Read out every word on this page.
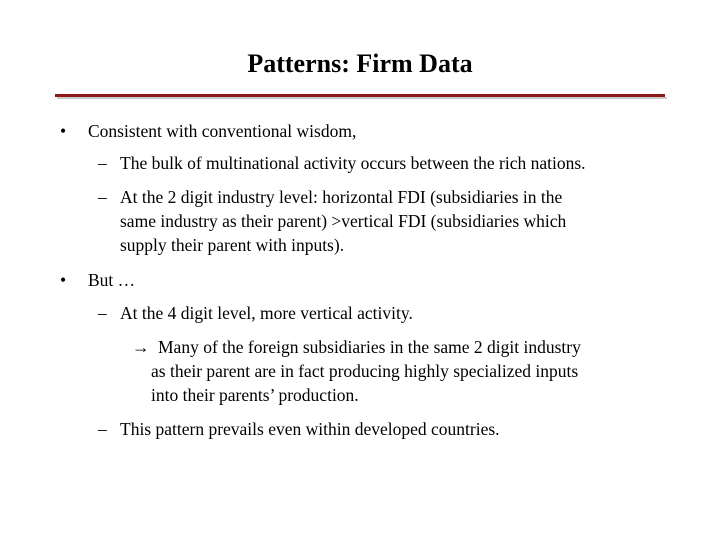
Patterns: Firm Data
• Consistent with conventional wisdom,
– The bulk of multinational activity occurs between the rich nations.
– At the 2 digit industry level: horizontal FDI (subsidiaries in the
same industry as their parent) >vertical FDI (subsidiaries which
supply their parent with inputs).
• But …
– At the 4 digit level, more vertical activity.
→ Many of the foreign subsidiaries in the same 2 digit industry
as their parent are in fact producing highly specialized inputs
into their parents’ production.
– This pattern prevails even within developed countries.
